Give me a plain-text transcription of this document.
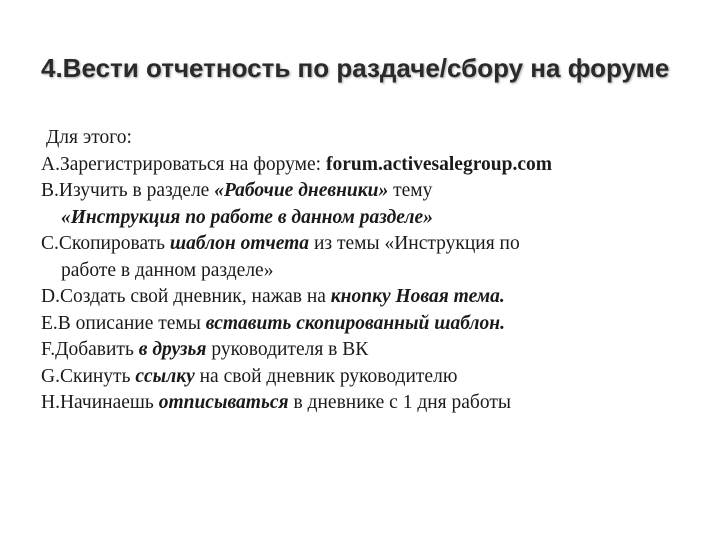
4.Вести отчетность по раздаче/сбору на форуме
Для этого:
A.Зарегистрироваться на форуме: forum.activesalegroup.com
B.Изучить в разделе «Рабочие дневники» тему
«Инструкция по работе в данном разделе»
C.Скопировать шаблон отчета из темы «Инструкция по
работе в данном разделе»
D.Создать свой дневник, нажав на кнопку Новая тема.
E.В описание темы вставить скопированный шаблон.
F.Добавить в друзья руководителя в ВК
G.Скинуть ссылку на свой дневник руководителю
H.Начинаешь отписываться в дневнике с 1 дня работы
